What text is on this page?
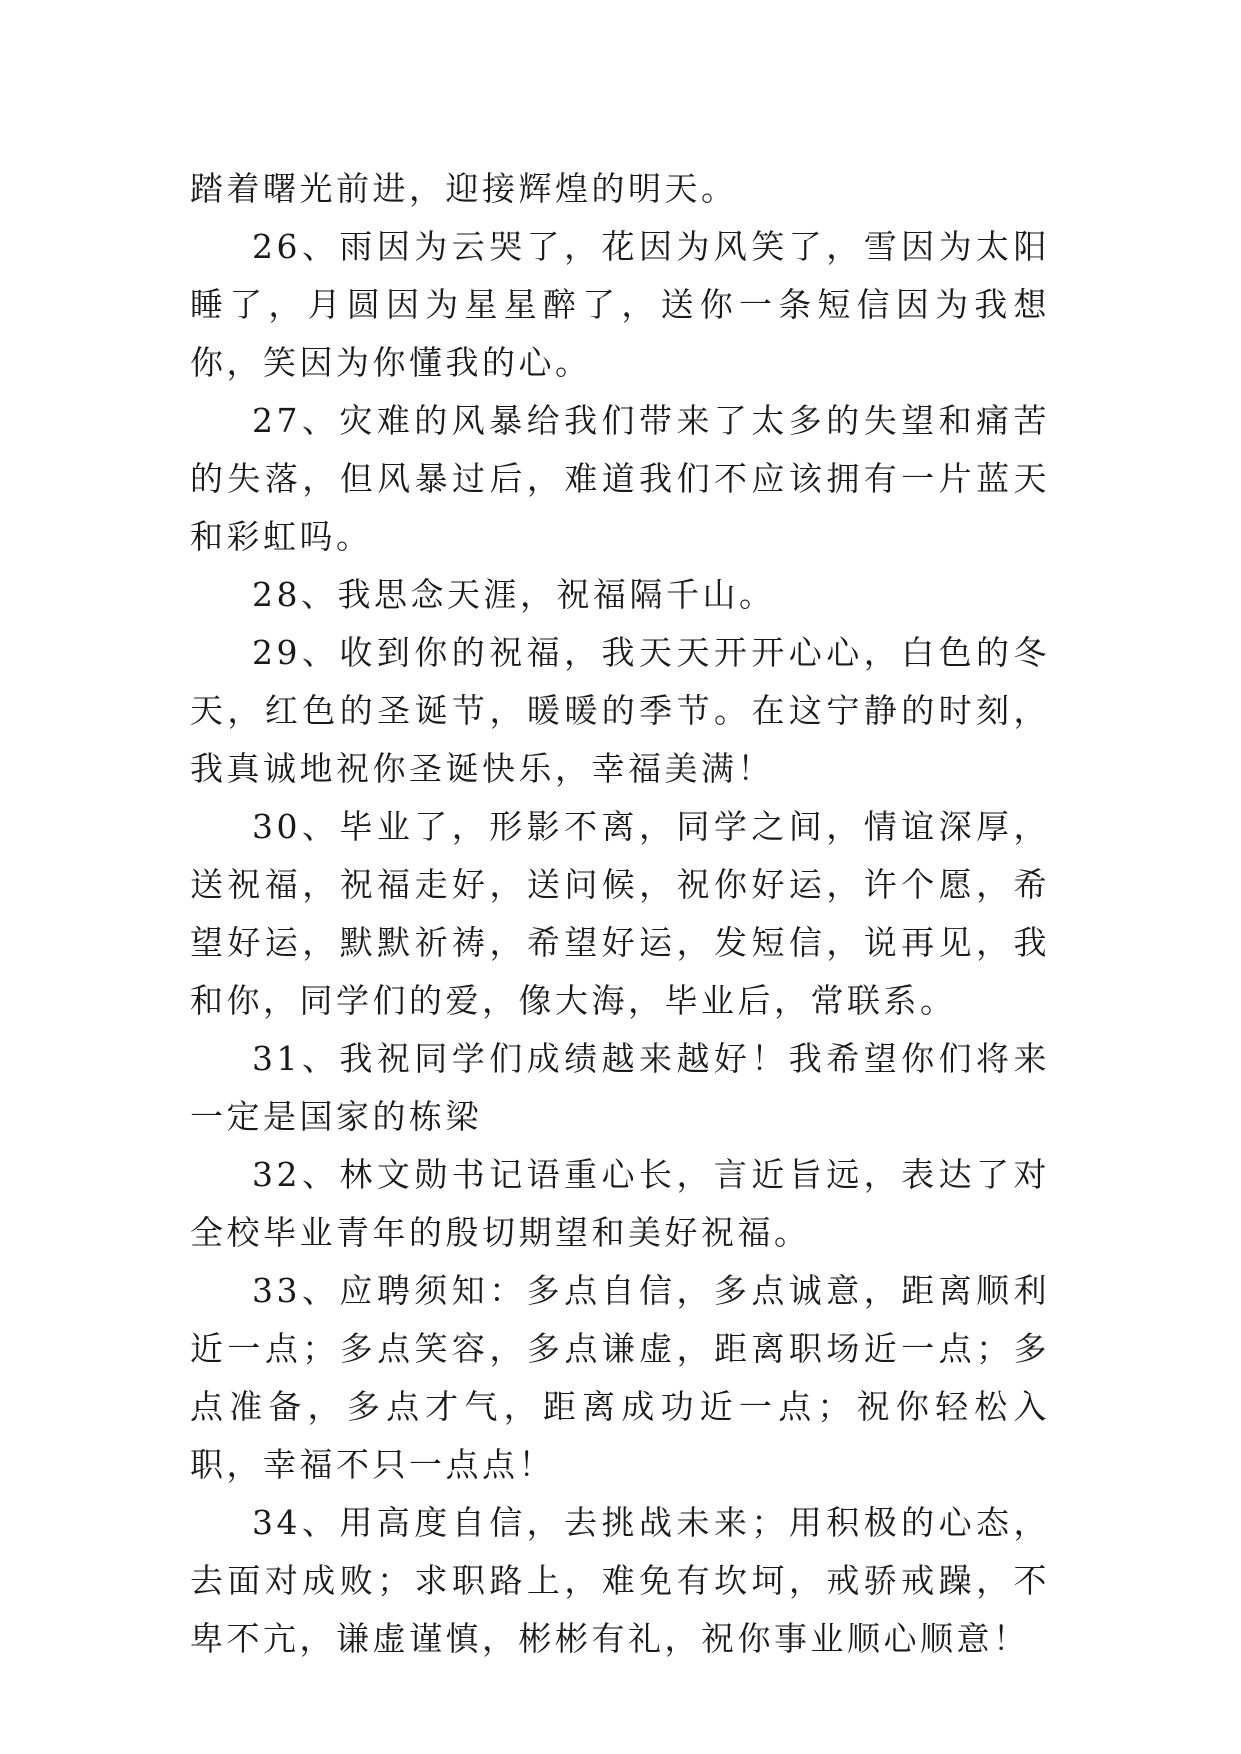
踏着曙光前进，迎接辉煌的明天。

26、雨因为云哭了，花因为风笑了，雪因为太阳睡了，月圆因为星星醉了，送你一条短信因为我想你，笑因为你懂我的心。

27、灾难的风暴给我们带来了太多的失望和痛苦的失落，但风暴过后，难道我们不应该拥有一片蓝天和彩虹吗。

28、我思念天涯，祝福隔千山。

29、收到你的祝福，我天天开开心心，白色的冬天，红色的圣诞节，暖暖的季节。在这宁静的时刻，我真诚地祝你圣诞快乐，幸福美满！

30、毕业了，形影不离，同学之间，情谊深厚，送祝福，祝福走好，送问候，祝你好运，许个愿，希望好运，默默祈祷，希望好运，发短信，说再见，我和你，同学们的爱，像大海，毕业后，常联系。

31、我祝同学们成绩越来越好！我希望你们将来一定是国家的栋梁

32、林文勋书记语重心长，言近旨远，表达了对全校毕业青年的殷切期望和美好祝福。

33、应聘须知：多点自信，多点诚意，距离顺利近一点；多点笑容，多点谦虚，距离职场近一点；多点准备，多点才气，距离成功近一点；祝你轻松入职，幸福不只一点点！

34、用高度自信，去挑战未来；用积极的心态，去面对成败；求职路上，难免有坎坷，戒骄戒躁，不卑不亢，谦虚谨慎，彬彬有礼，祝你事业顺心顺意！
